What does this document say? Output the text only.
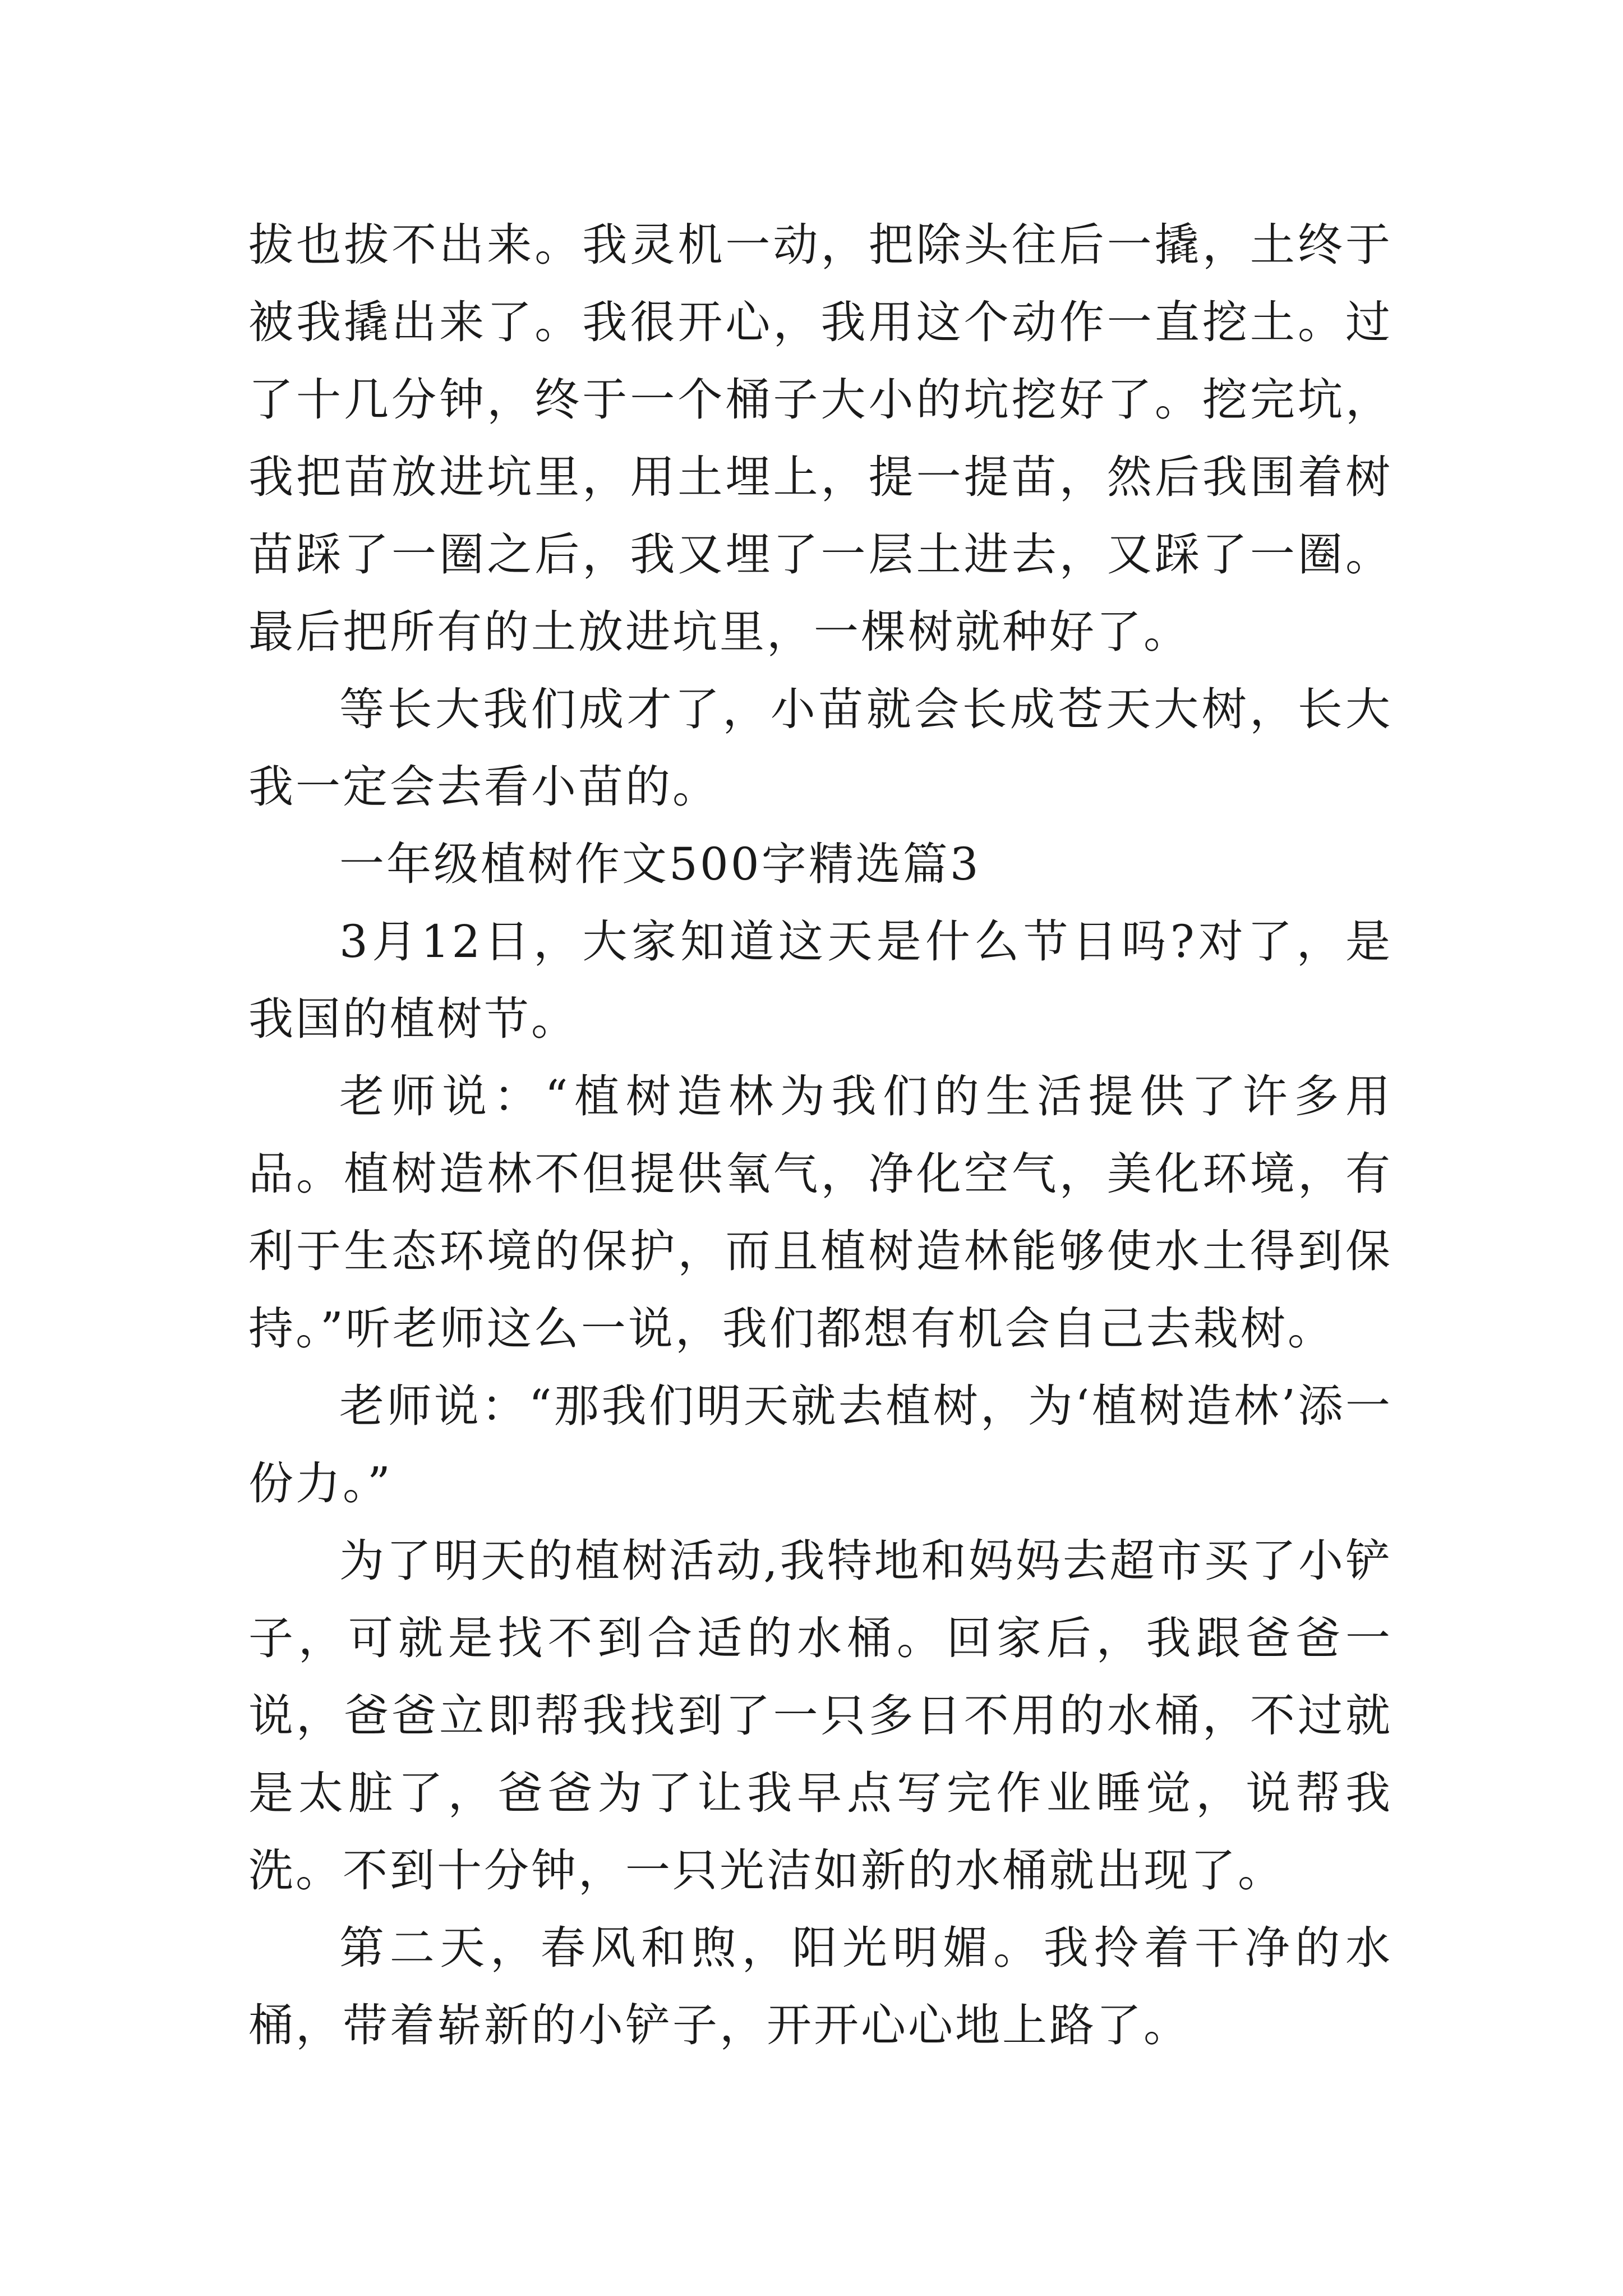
拔也拔不出来。我灵机一动，把除头往后一撬，土终于被我撬出来了。我很开心，我用这个动作一直挖土。过了十几分钟，终于一个桶子大小的坑挖好了。挖完坑，我把苗放进坑里，用土埋上，提一提苗，然后我围着树苗踩了一圈之后，我又埋了一层土进去，又踩了一圈。最后把所有的土放进坑里，一棵树就种好了。

等长大我们成才了，小苗就会长成苍天大树，长大我一定会去看小苗的。

一年级植树作文500字精选篇3

3月12日，大家知道这天是什么节日吗?对了，是我国的植树节。

老师说：“植树造林为我们的生活提供了许多用品。植树造林不但提供氧气，净化空气，美化环境，有利于生态环境的保护，而且植树造林能够使水土得到保持。”听老师这么一说，我们都想有机会自己去栽树。

老师说：“那我们明天就去植树，为‘植树造林’添一份力。”

为了明天的植树活动,我特地和妈妈去超市买了小铲子，可就是找不到合适的水桶。回家后，我跟爸爸一说，爸爸立即帮我找到了一只多日不用的水桶，不过就是太脏了，爸爸为了让我早点写完作业睡觉，说帮我洗。不到十分钟，一只光洁如新的水桶就出现了。

第二天，春风和煦，阳光明媚。我拎着干净的水桶，带着崭新的小铲子，开开心心地上路了。
